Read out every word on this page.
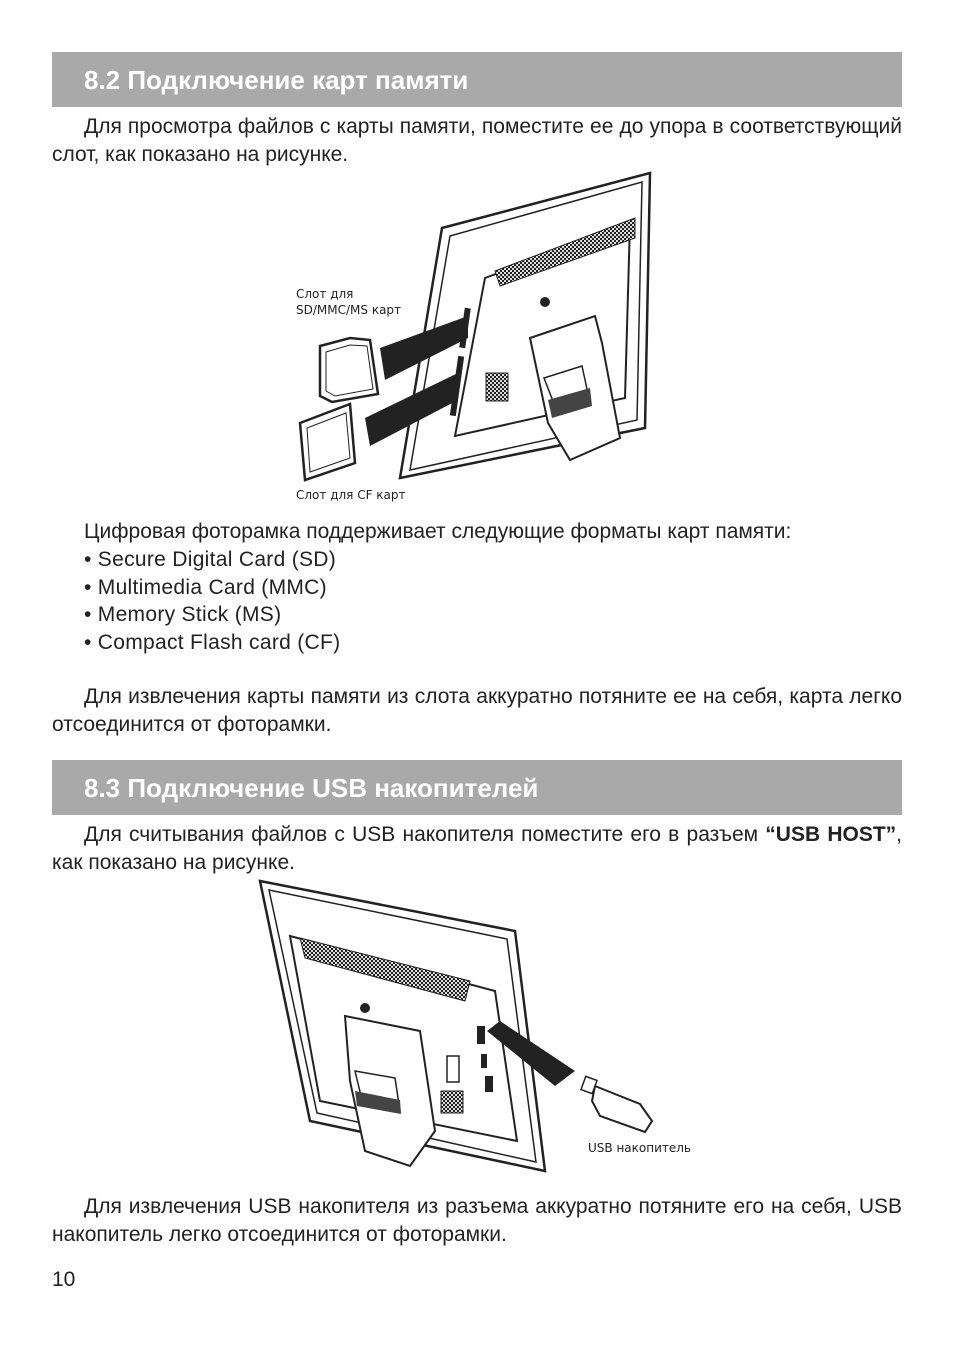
8.2 Подключение карт памяти
Для просмотра файлов с карты памяти, поместите ее до упора в соответствующий слот, как показано на рисунке.
Слот для
SD/MMC/MS карт
Слот для CF карт
Цифровая фоторамка поддерживает следующие форматы карт памяти:
• Secure Digital Card (SD)
• Multimedia Card (MMC)
• Memory Stick (MS)
• Compact Flash card (CF)
Для извлечения карты памяти из слота аккуратно потяните ее на себя, карта легко отсоединится от фоторамки.
8.3 Подключение USB накопителей
Для считывания файлов с USB накопителя поместите его в разъем “USB HOST”, как показано на рисунке.
USB накопитель
Для извлечения USB накопителя из разъема аккуратно потяните его на себя, USB накопитель легко отсоединится от фоторамки.
10
